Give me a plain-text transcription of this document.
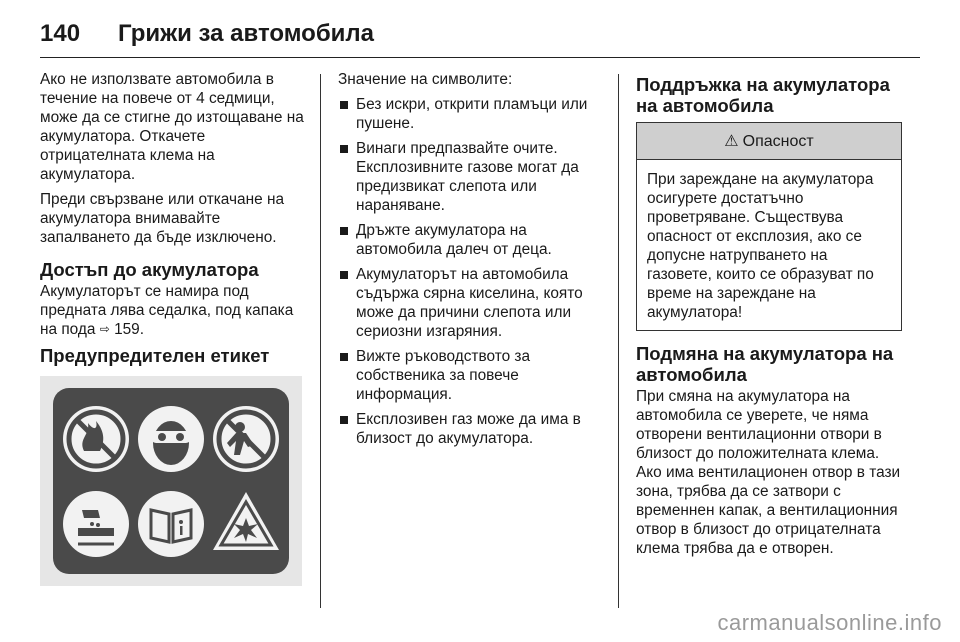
140	Грижи за автомобила

Ако не използвате автомобила в течение на повече от 4 седмици, може да се стигне до изтощаване на акумулатора. Откачете отрицателната клема на акумулатора.

Преди свързване или откачане на акумулатора внимавайте запалването да бъде изключено.

Достъп до акумулатора

Акумулаторът се намира под предната лява седалка, под капака на пода ⇨ 159.

Предупредителен етикет

Значение на символите:

Без искри, открити пламъци или пушене.
Винаги предпазвайте очите. Експлозивните газове могат да предизвикат слепота или нараняване.
Дръжте акумулатора на автомобила далеч от деца.
Акумулаторът на автомобила съдържа сярна киселина, която може да причини слепота или сериозни изгаряния.
Вижте ръководството за собственика за повече информация.
Експлозивен газ може да има в близост до акумулатора.
Поддръжка на акумулатора на автомобила
⚠ Опасност
При зареждане на акумулатора осигурете достатъчно проветряване. Съществува опасност от експлозия, ако се допусне натрупването на газовете, които се образуват по време на зареждане на акумулатора!
Подмяна на акумулатора на автомобила

При смяна на акумулатора на автомобила се уверете, че няма отворени вентилационни отвори в близост до положителната клема. Ако има вентилационен отвор в тази зона, трябва да се затвори с временнен капак, а вентилационния отвор в близост до отрицателната клема трябва да е отворен.

carmanualsonline.info
